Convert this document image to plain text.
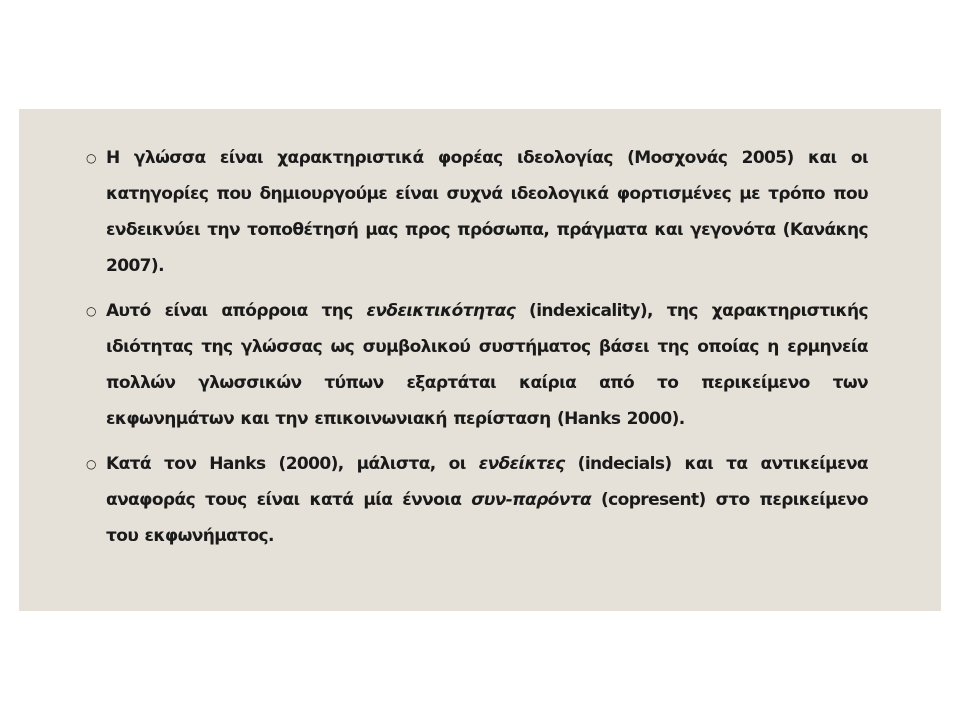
○ Η γλώσσα είναι χαρακτηριστικά φορέας ιδεολογίας (Μοσχονάς 2005) και οι κατηγορίες που δημιουργούμε είναι συχνά ιδεολογικά φορτισμένες με τρόπο που ενδεικνύει την τοποθέτησή μας προς πρόσωπα, πράγματα και γεγονότα (Κανάκης 2007).
○ Αυτό είναι απόρροια της ενδεικτικότητας (indexicality), της χαρακτηριστικής ιδιότητας της γλώσσας ως συμβολικού συστήματος βάσει της οποίας η ερμηνεία πολλών γλωσσικών τύπων εξαρτάται καίρια από το περικείμενο των εκφωνημάτων και την επικοινωνιακή περίσταση (Hanks 2000).
○ Κατά τον Hanks (2000), μάλιστα, οι ενδείκτες (indecials) και τα αντικείμενα αναφοράς τους είναι κατά μία έννοια συν-παρόντα (copresent) στο περικείμενο του εκφωνήματος.
